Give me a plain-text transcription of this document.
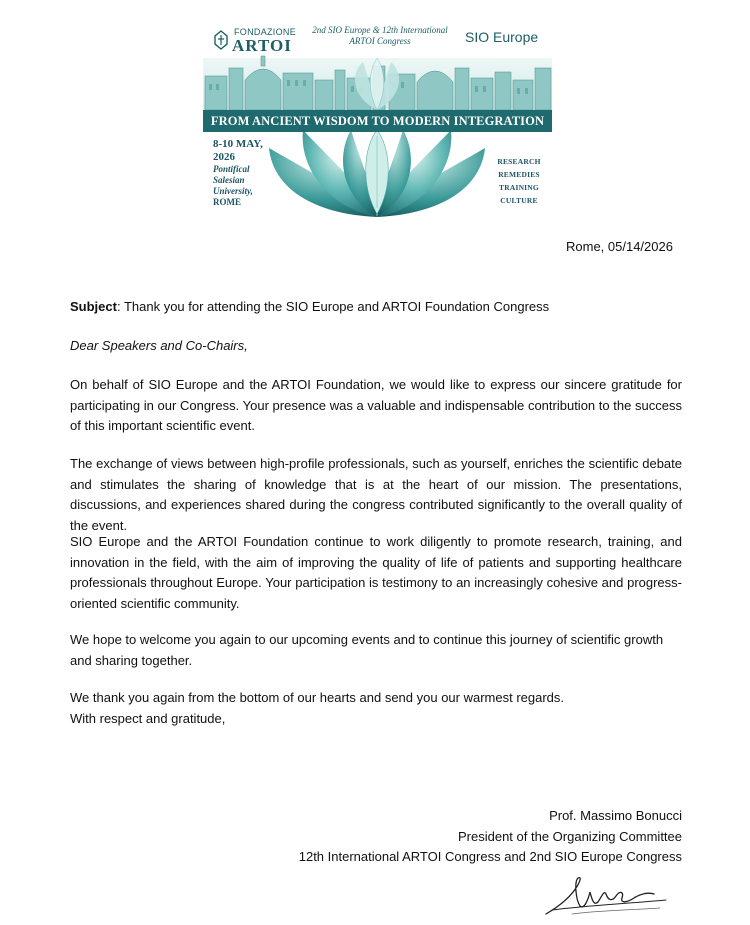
FONDAZIONE
ARTOI
2nd SIO Europe & 12th International
ARTOI Congress	SIO Europe
FROM ANCIENT WISDOM TO MODERN INTEGRATION
8-10 MAY,
2026
Pontifical
Salesian
University,
ROME
RESEARCH
REMEDIES
TRAINING
CULTURE
Rome, 05/14/2026
Subject: Thank you for attending the SIO Europe and ARTOI Foundation Congress
Dear Speakers and Co-Chairs,

On behalf of SIO Europe and the ARTOI Foundation, we would like to express our sincere gratitude for participating in our Congress. Your presence was a valuable and indispensable contribution to the success of this important scientific event.

The exchange of views between high-profile professionals, such as yourself, enriches the scientific debate and stimulates the sharing of knowledge that is at the heart of our mission. The presentations, discussions, and experiences shared during the congress contributed significantly to the overall quality of the event.

SIO Europe and the ARTOI Foundation continue to work diligently to promote research, training, and innovation in the field, with the aim of improving the quality of life of patients and supporting healthcare professionals throughout Europe. Your participation is testimony to an increasingly cohesive and progress-oriented scientific community.

We hope to welcome you again to our upcoming events and to continue this journey of scientific growth and sharing together.

We thank you again from the bottom of our hearts and send you our warmest regards.
With respect and gratitude,
Prof. Massimo Bonucci
President of the Organizing Committee
12th International ARTOI Congress and 2nd SIO Europe Congress
